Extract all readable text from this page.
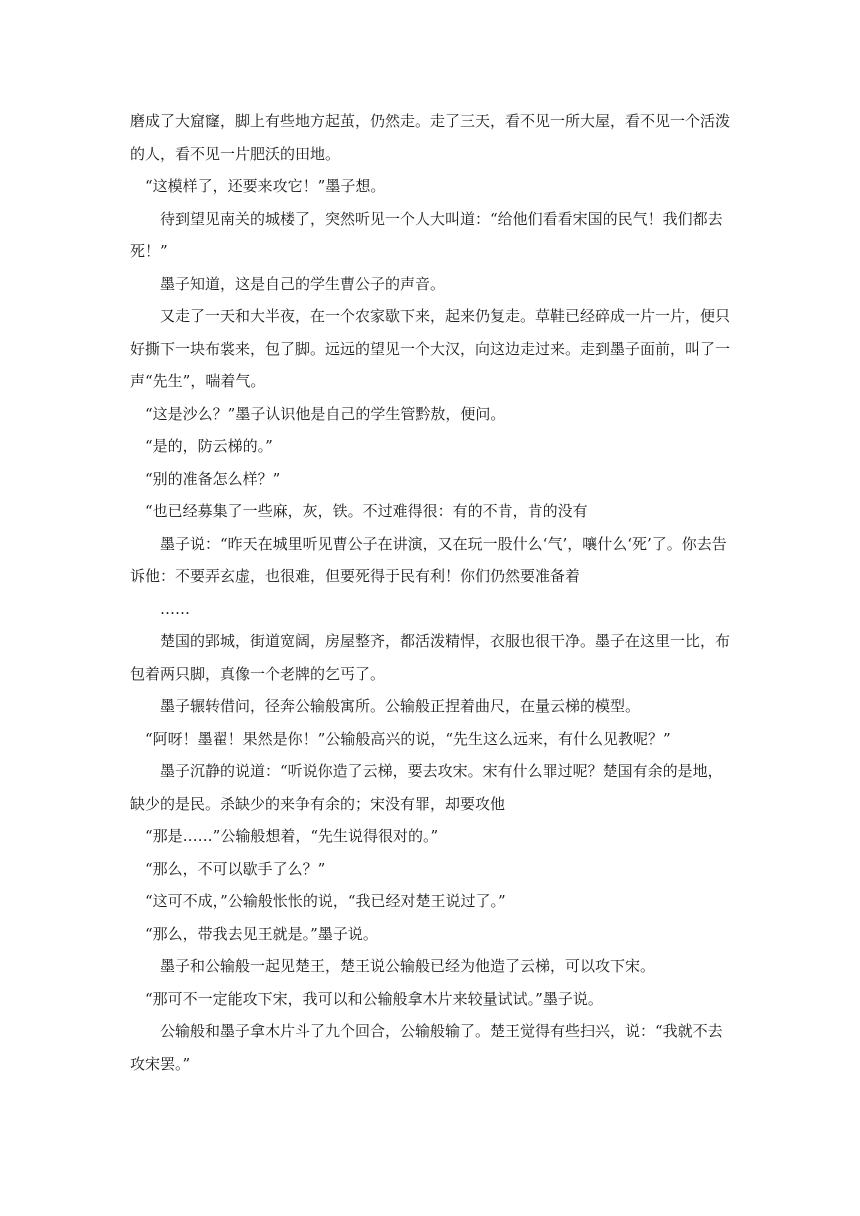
磨成了大窟窿，脚上有些地方起茧，仍然走。走了三天，看不见一所大屋，看不见一个活泼的人，看不见一片肥沃的田地。

“这模样了，还要来攻它！”墨子想。

待到望见南关的城楼了，突然听见一个人大叫道：“给他们看看宋国的民气！我们都去死！”

墨子知道，这是自己的学生曹公子的声音。

又走了一天和大半夜，在一个农家歇下来，起来仍复走。草鞋已经碎成一片一片，便只好撕下一块布裳来，包了脚。远远的望见一个大汉，向这边走过来。走到墨子面前，叫了一声“先生”，喘着气。

“这是沙么？”墨子认识他是自己的学生管黔敖，便问。

“是的，防云梯的。”

“别的准备怎么样？”

“也已经募集了一些麻，灰，铁。不过难得很：有的不肯，肯的没有

墨子说：“昨天在城里听见曹公子在讲演，又在玩一股什么‘气’，嚷什么‘死’了。你去告诉他：不要弄玄虚，也很难，但要死得于民有利！你们仍然要准备着

……

楚国的郢城，街道宽阔，房屋整齐，都活泼精悍，衣服也很干净。墨子在这里一比，布包着两只脚，真像一个老牌的乞丐了。

墨子辗转借问，径奔公输般寓所。公输般正捏着曲尺，在量云梯的模型。

“阿呀！墨翟！果然是你！”公输般高兴的说，“先生这么远来，有什么见教呢？”

墨子沉静的说道：“听说你造了云梯，要去攻宋。宋有什么罪过呢？楚国有余的是地，缺少的是民。杀缺少的来争有余的；宋没有罪，却要攻他

“那是……”公输般想着，“先生说得很对的。”

“那么，不可以歇手了么？”

“这可不成，”公输般怅怅的说，“我已经对楚王说过了。”

“那么，带我去见王就是。”墨子说。

墨子和公输般一起见楚王，楚王说公输般已经为他造了云梯，可以攻下宋。

“那可不一定能攻下宋，我可以和公输般拿木片来较量试试。”墨子说。

公输般和墨子拿木片斗了九个回合，公输般输了。楚王觉得有些扫兴，说：“我就不去攻宋罢。”
